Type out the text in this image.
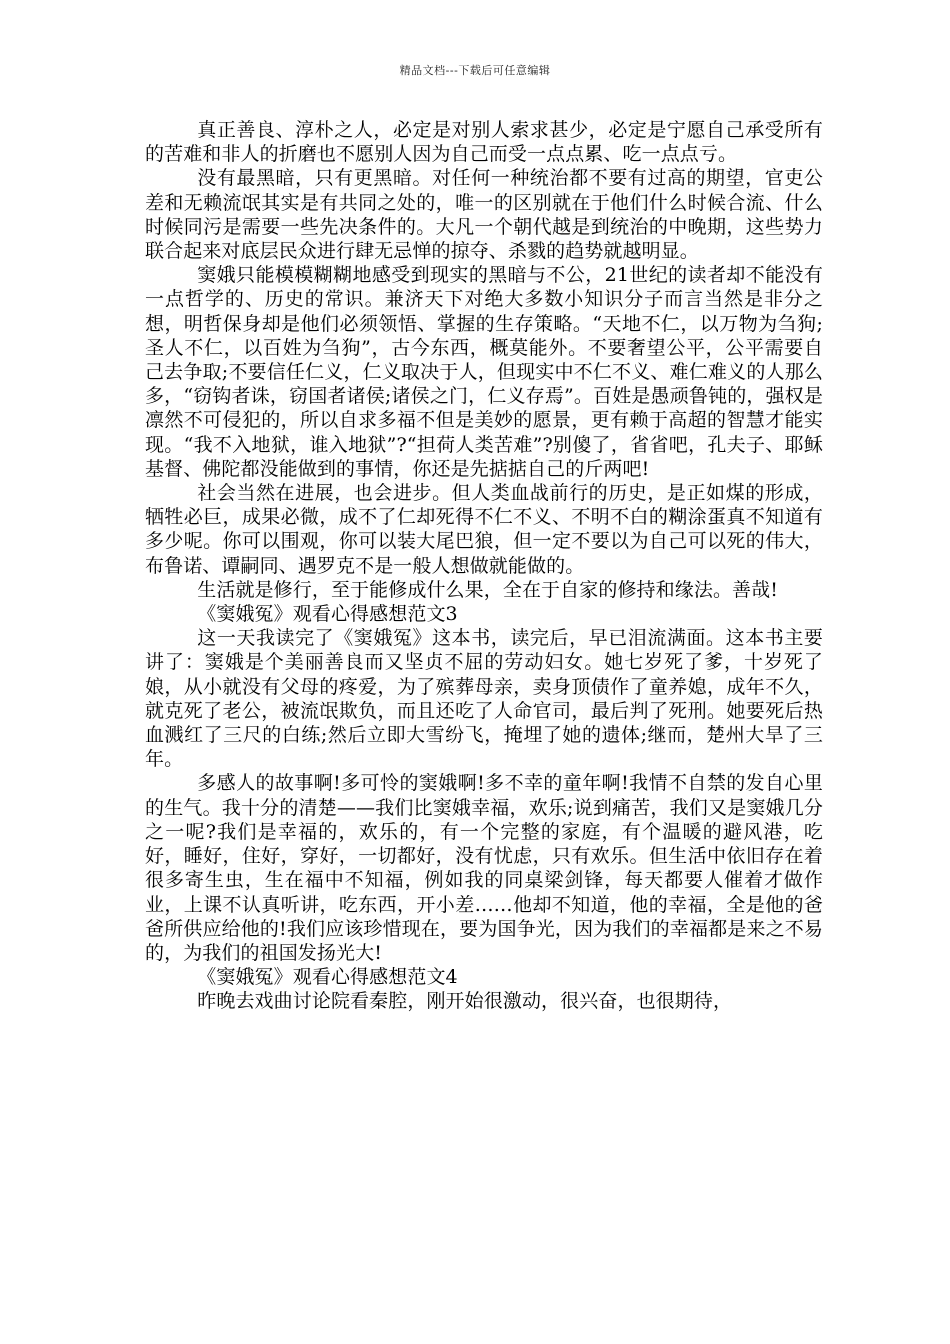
精品文档---下载后可任意编辑

真正善良、淳朴之人，必定是对别人索求甚少，必定是宁愿自己承受所有的苦难和非人的折磨也不愿别人因为自己而受一点点累、吃一点点亏。

没有最黑暗，只有更黑暗。对任何一种统治都不要有过高的期望，官吏公差和无赖流氓其实是有共同之处的，唯一的区别就在于他们什么时候合流、什么时候同污是需要一些先决条件的。大凡一个朝代越是到统治的中晚期，这些势力联合起来对底层民众进行肆无忌惮的掠夺、杀戮的趋势就越明显。

窦娥只能模模糊糊地感受到现实的黑暗与不公，21世纪的读者却不能没有一点哲学的、历史的常识。兼济天下对绝大多数小知识分子而言当然是非分之想，明哲保身却是他们必须领悟、掌握的生存策略。“天地不仁，以万物为刍狗;圣人不仁，以百姓为刍狗”，古今东西，概莫能外。不要奢望公平，公平需要自己去争取;不要信任仁义，仁义取决于人，但现实中不仁不义、难仁难义的人那么多，“窃钩者诛，窃国者诸侯;诸侯之门，仁义存焉”。百姓是愚顽鲁钝的，强权是凛然不可侵犯的，所以自求多福不但是美妙的愿景，更有赖于高超的智慧才能实现。“我不入地狱，谁入地狱”?“担荷人类苦难”?别傻了，省省吧，孔夫子、耶稣基督、佛陀都没能做到的事情，你还是先掂掂自己的斤两吧!

社会当然在进展，也会进步。但人类血战前行的历史，是正如煤的形成，牺牲必巨，成果必微，成不了仁却死得不仁不义、不明不白的糊涂蛋真不知道有多少呢。你可以围观，你可以装大尾巴狼，但一定不要以为自己可以死的伟大，布鲁诺、谭嗣同、遇罗克不是一般人想做就能做的。

生活就是修行，至于能修成什么果，全在于自家的修持和缘法。善哉!

《窦娥冤》观看心得感想范文3

这一天我读完了《窦娥冤》这本书，读完后，早已泪流满面。这本书主要讲了：窦娥是个美丽善良而又坚贞不屈的劳动妇女。她七岁死了爹，十岁死了娘，从小就没有父母的疼爱，为了殡葬母亲，卖身顶债作了童养媳，成年不久，就克死了老公，被流氓欺负，而且还吃了人命官司，最后判了死刑。她要死后热血溅红了三尺的白练;然后立即大雪纷飞，掩埋了她的遗体;继而，楚州大旱了三年。

多感人的故事啊!多可怜的窦娥啊!多不幸的童年啊!我情不自禁的发自心里的生气。我十分的清楚——我们比窦娥幸福，欢乐;说到痛苦，我们又是窦娥几分之一呢?我们是幸福的，欢乐的，有一个完整的家庭，有个温暖的避风港，吃好，睡好，住好，穿好，一切都好，没有忧虑，只有欢乐。但生活中依旧存在着很多寄生虫，生在福中不知福，例如我的同桌梁剑锋，每天都要人催着才做作业，上课不认真听讲，吃东西，开小差……他却不知道，他的幸福，全是他的爸爸所供应给他的!我们应该珍惜现在，要为国争光，因为我们的幸福都是来之不易的，为我们的祖国发扬光大!

《窦娥冤》观看心得感想范文4

昨晚去戏曲讨论院看秦腔，刚开始很激动，很兴奋，也很期待，
